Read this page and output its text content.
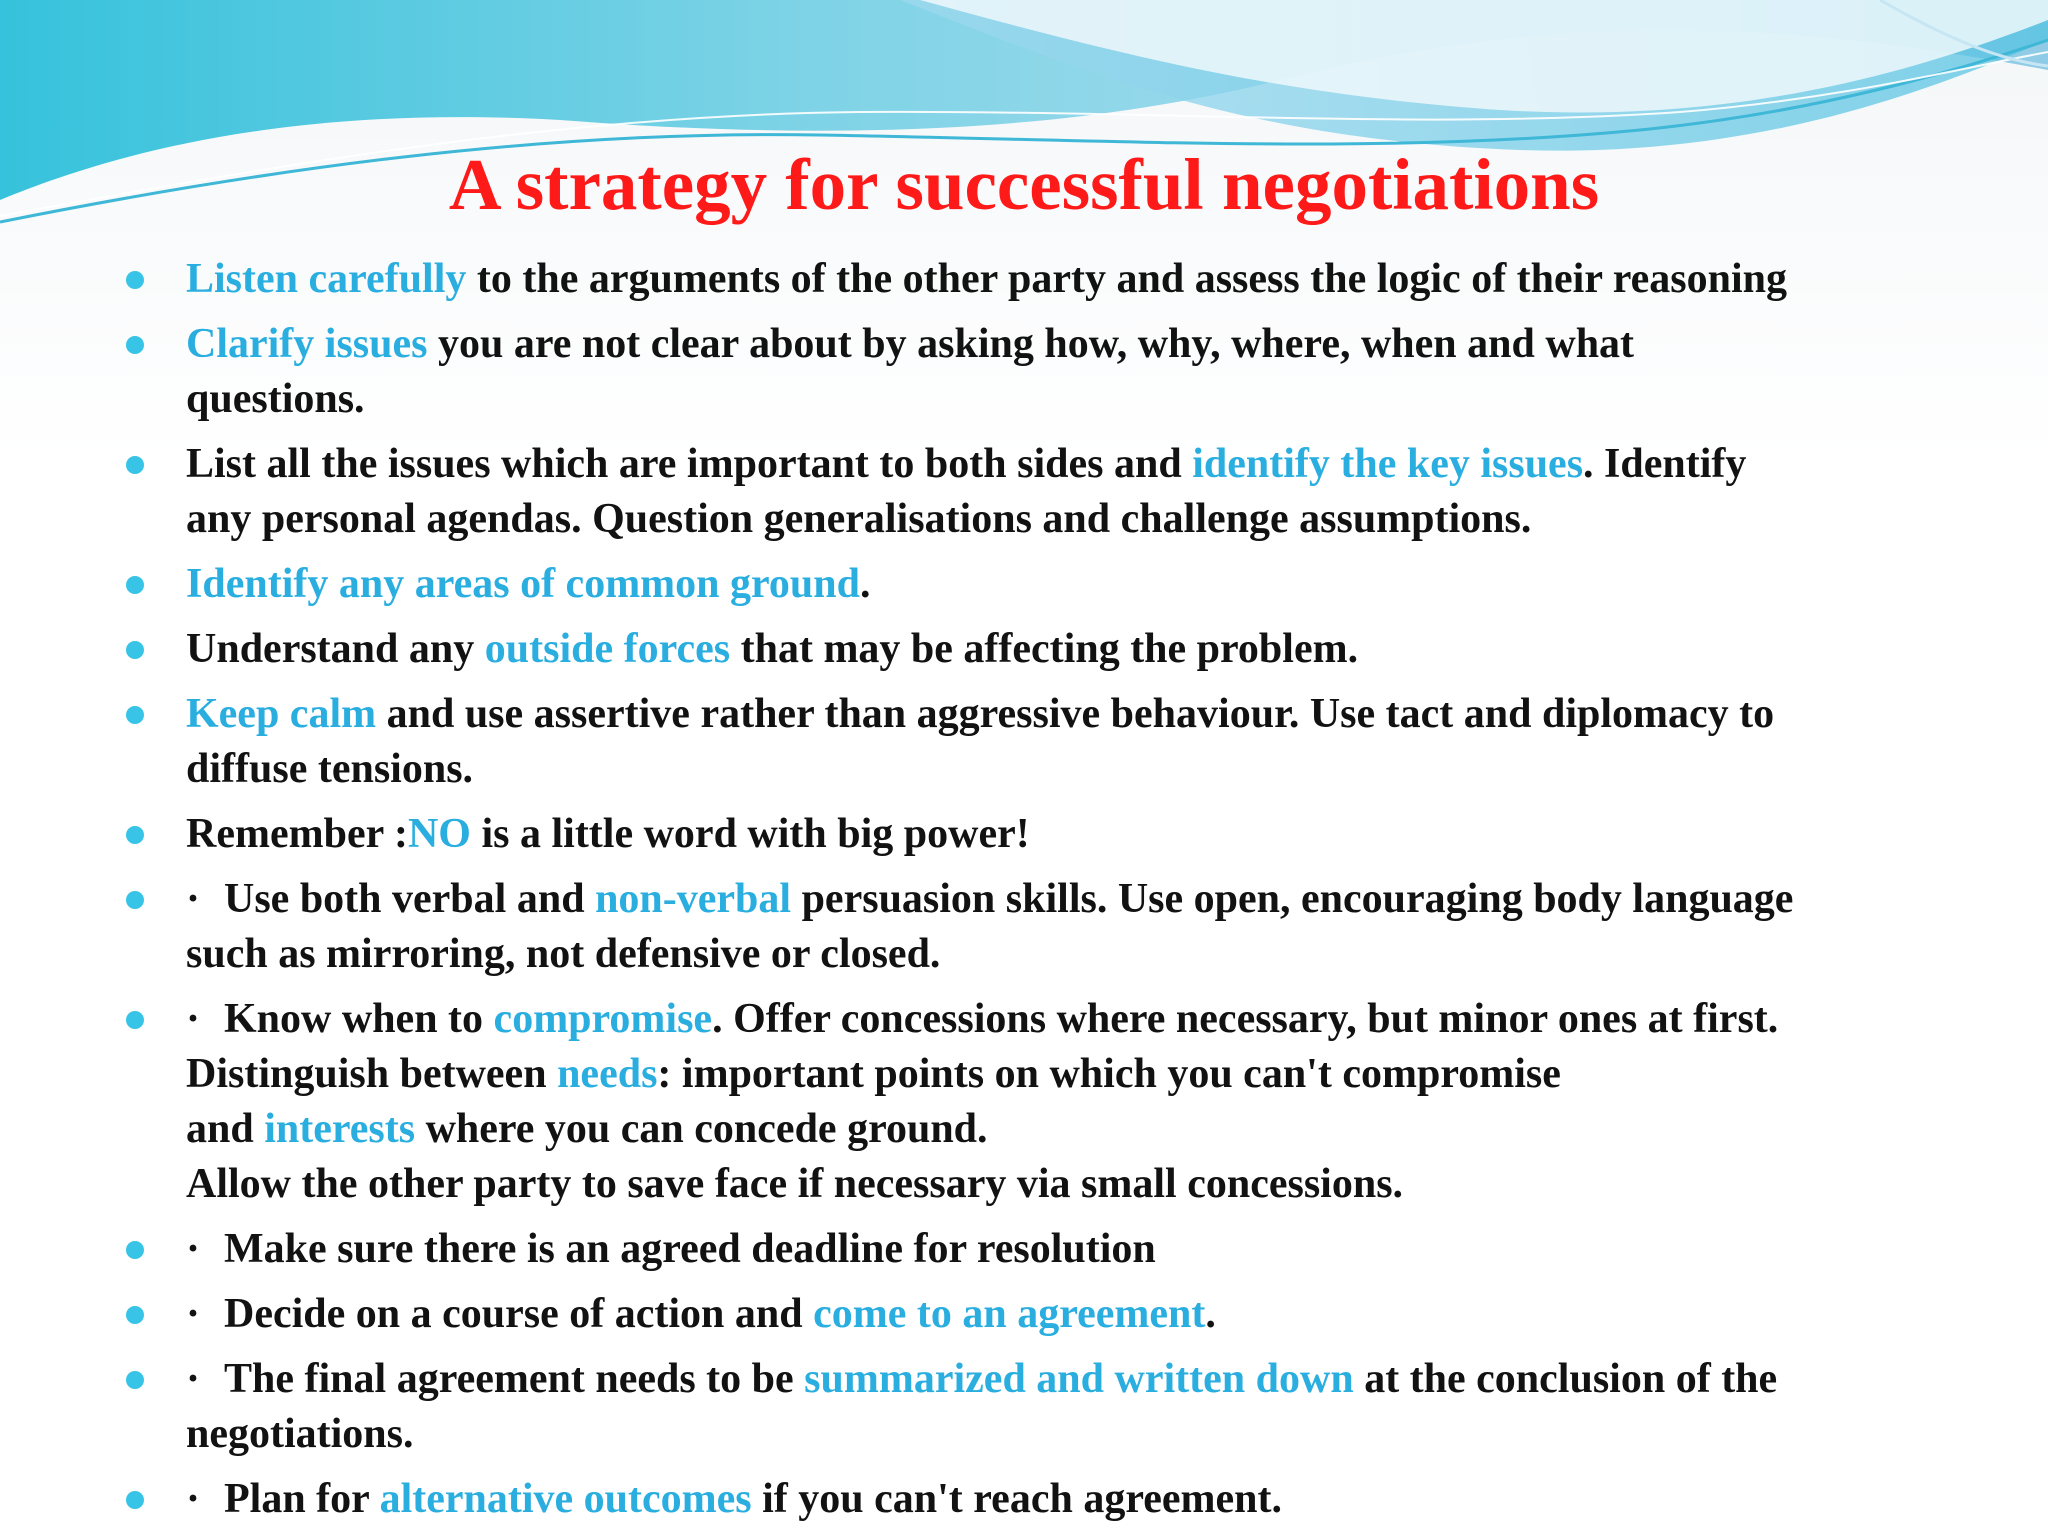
A strategy for successful negotiations
Listen carefully to the arguments of the other party and assess the logic of their reasoning
Clarify issues you are not clear about by asking how, why, where, when and what
questions.
List all the issues which are important to both sides and identify the key issues. Identify
any personal agendas. Question generalisations and challenge assumptions.
Identify any areas of common ground.
Understand any outside forces that may be affecting the problem.
Keep calm and use assertive rather than aggressive behaviour. Use tact and diplomacy to
diffuse tensions.
Remember :NO is a little word with big power!
· Use both verbal and non-verbal persuasion skills. Use open, encouraging body language
such as mirroring, not defensive or closed.
· Know when to compromise. Offer concessions where necessary, but minor ones at first.
Distinguish between needs: important points on which you can't compromise
and interests where you can concede ground.
Allow the other party to save face if necessary via small concessions.
· Make sure there is an agreed deadline for resolution
· Decide on a course of action and come to an agreement.
· The final agreement needs to be summarized and written down at the conclusion of the
negotiations.
· Plan for alternative outcomes if you can't reach agreement.
